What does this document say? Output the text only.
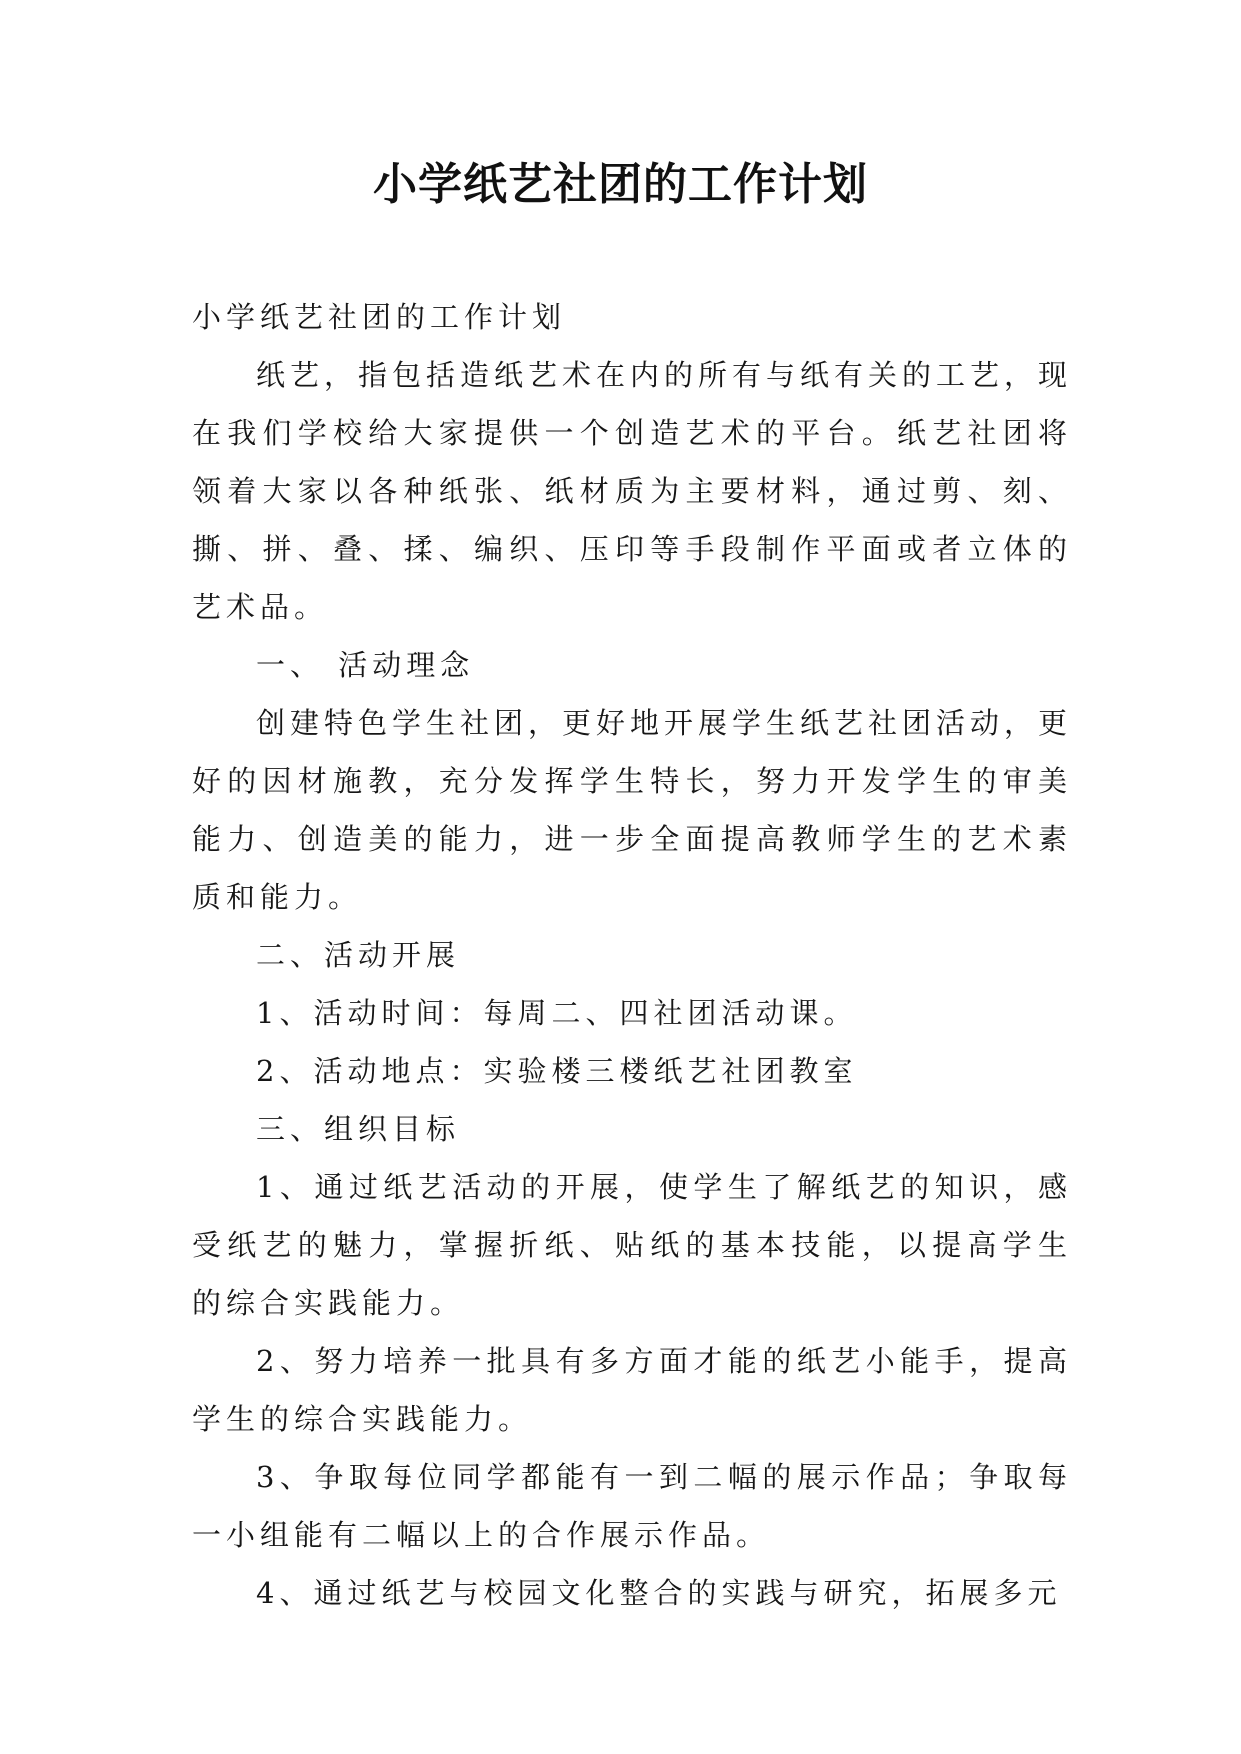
小学纸艺社团的工作计划

小学纸艺社团的工作计划

纸艺，指包括造纸艺术在内的所有与纸有关的工艺，现在我们学校给大家提供一个创造艺术的平台。纸艺社团将领着大家以各种纸张、纸材质为主要材料，通过剪、刻、撕、拼、叠、揉、编织、压印等手段制作平面或者立体的艺术品。

一、 活动理念

创建特色学生社团，更好地开展学生纸艺社团活动，更好的因材施教，充分发挥学生特长，努力开发学生的审美能力、创造美的能力，进一步全面提高教师学生的艺术素质和能力。

二、活动开展

1、活动时间：每周二、四社团活动课。

2、活动地点：实验楼三楼纸艺社团教室

三、组织目标

1、通过纸艺活动的开展，使学生了解纸艺的知识，感受纸艺的魅力，掌握折纸、贴纸的基本技能，以提高学生的综合实践能力。

2、努力培养一批具有多方面才能的纸艺小能手，提高学生的综合实践能力。

3、争取每位同学都能有一到二幅的展示作品；争取每一小组能有二幅以上的合作展示作品。

4、通过纸艺与校园文化整合的实践与研究，拓展多元
